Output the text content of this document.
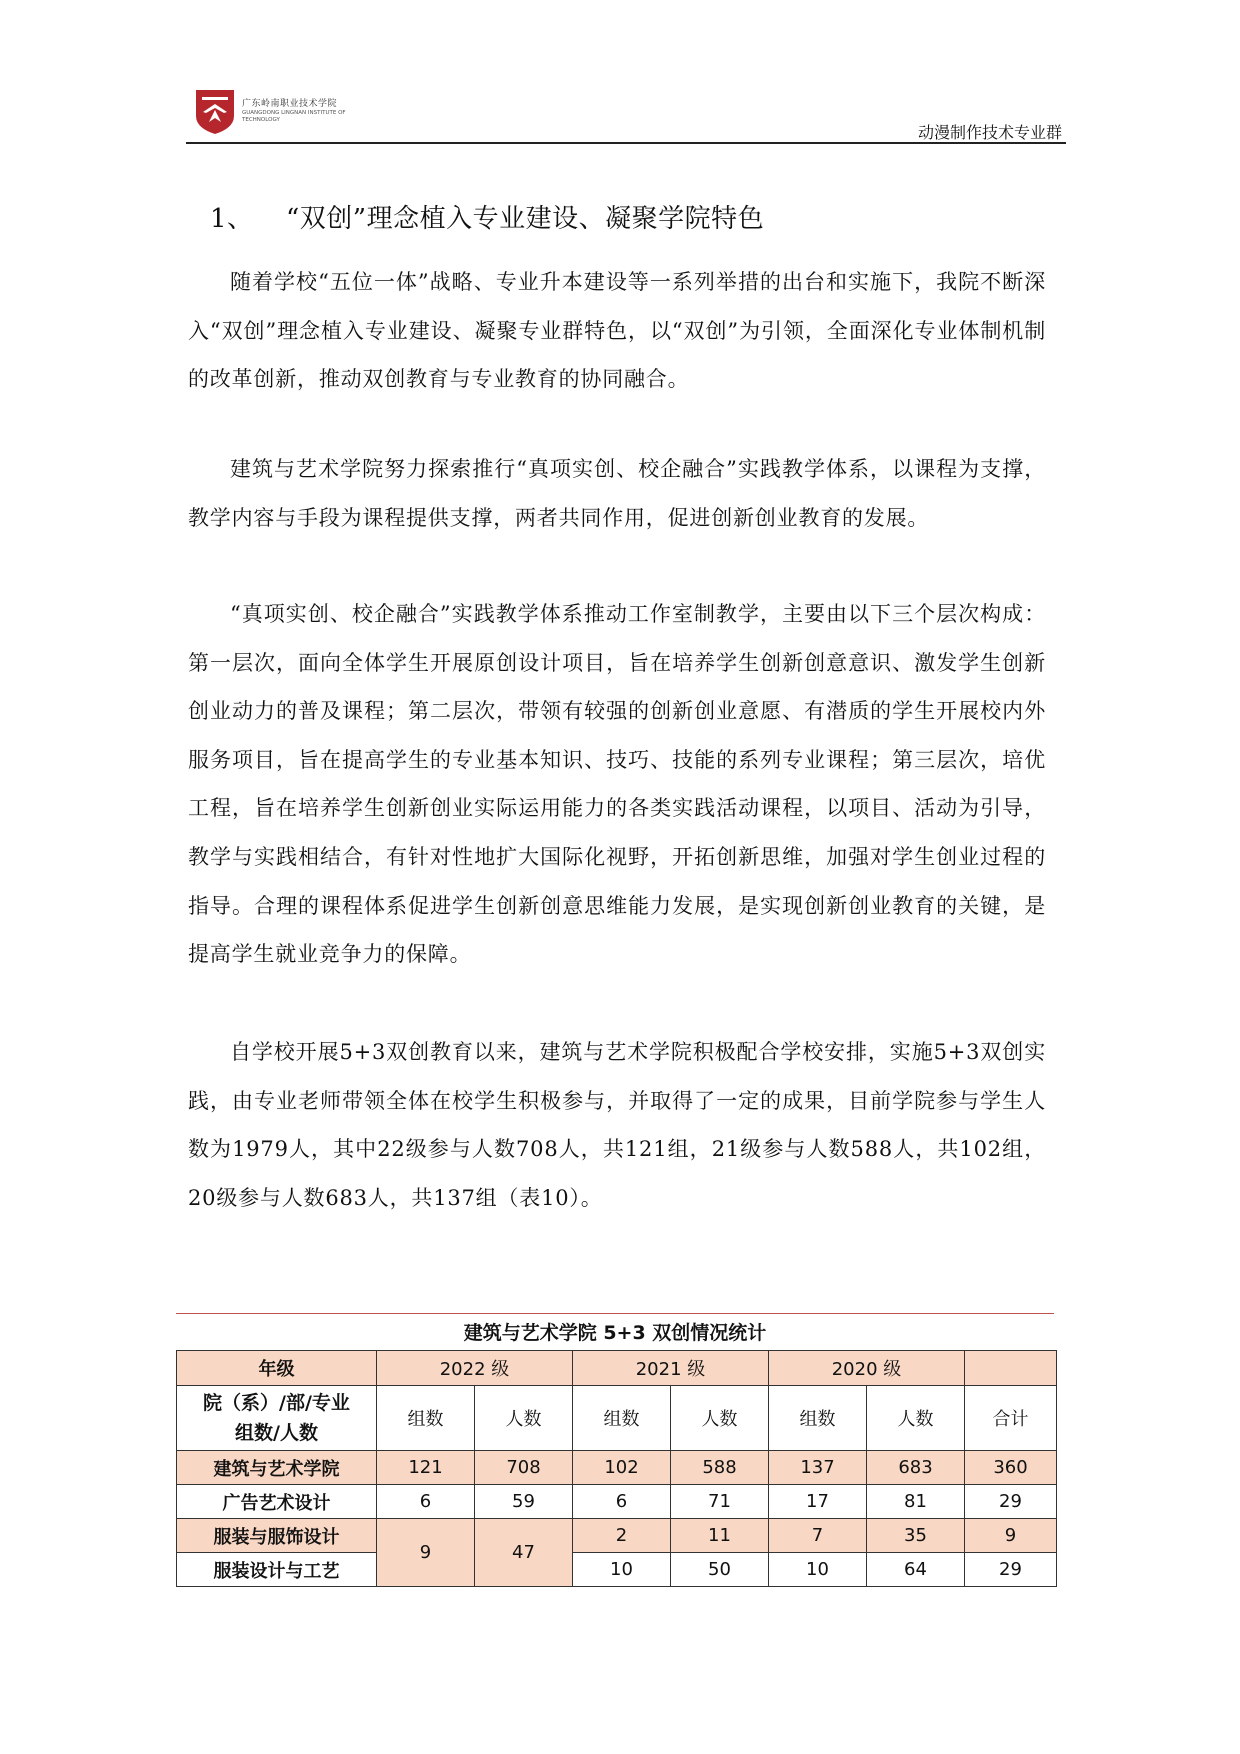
广东岭南职业技术学院
GUANGDONG LINGNAN INSTITUTE OF TECHNOLOGY
动漫制作技术专业群
1、 “双创”理念植入专业建设、凝聚学院特色

随着学校“五位一体”战略、专业升本建设等一系列举措的出台和实施下，我院不断深入“双创”理念植入专业建设、凝聚专业群特色，以“双创”为引领，全面深化专业体制机制的改革创新，推动双创教育与专业教育的协同融合。

建筑与艺术学院努力探索推行“真项实创、校企融合”实践教学体系，以课程为支撑，教学内容与手段为课程提供支撑，两者共同作用，促进创新创业教育的发展。

“真项实创、校企融合”实践教学体系推动工作室制教学，主要由以下三个层次构成：第一层次，面向全体学生开展原创设计项目，旨在培养学生创新创意意识、激发学生创新创业动力的普及课程；第二层次，带领有较强的创新创业意愿、有潜质的学生开展校内外服务项目，旨在提高学生的专业基本知识、技巧、技能的系列专业课程；第三层次，培优工程，旨在培养学生创新创业实际运用能力的各类实践活动课程，以项目、活动为引导，教学与实践相结合，有针对性地扩大国际化视野，开拓创新思维，加强对学生创业过程的指导。合理的课程体系促进学生创新创意思维能力发展，是实现创新创业教育的关键，是提高学生就业竞争力的保障。

自学校开展5+3双创教育以来，建筑与艺术学院积极配合学校安排，实施5+3双创实践，由专业老师带领全体在校学生积极参与，并取得了一定的成果，目前学院参与学生人数为1979人，其中22级参与人数708人，共121组，21级参与人数588人，共102组，20级参与人数683人，共137组（表10）。

建筑与艺术学院 5+3 双创情况统计
年级	2022 级		2021 级		2020 级		

院（系）/部/专业
组数/人数	组数	人数	组数	人数	组数	人数	合计
建筑与艺术学院	121	708	102	588	137	683	360
广告艺术设计	6	59	6	71	17	81	29
服装与服饰设计	9	47	2	11	7	35	9
服装设计与工艺			10	50	10	64	29
